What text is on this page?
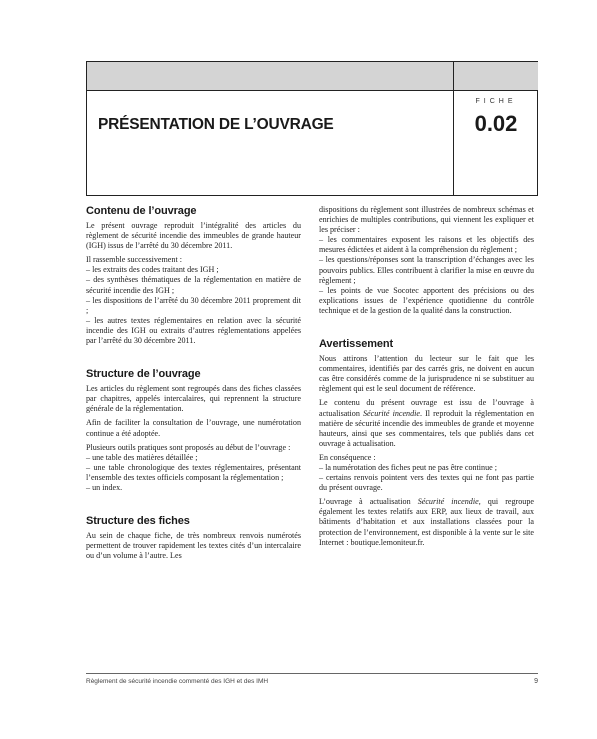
PRÉSENTATION DE L’OUVRAGE
FICHE
0.02
Contenu de l’ouvrage

Le présent ouvrage reproduit l’intégralité des articles du règlement de sécurité incendie des immeubles de grande hauteur (IGH) issus de l’arrêté du 30 décembre 2011.

Il rassemble successivement :
– les extraits des codes traitant des IGH ;
– des synthèses thématiques de la réglementation en matière de sécurité incendie des IGH ;
– les dispositions de l’arrêté du 30 décembre 2011 proprement dit ;
– les autres textes réglementaires en relation avec la sécurité incendie des IGH ou extraits d’autres réglementations appelées par l’arrêté du 30 décembre 2011.
Structure de l’ouvrage

Les articles du règlement sont regroupés dans des fiches classées par chapitres, appelés intercalaires, qui reprennent la structure générale de la réglementation.

Afin de faciliter la consultation de l’ouvrage, une numérotation continue a été adoptée.

Plusieurs outils pratiques sont proposés au début de l’ouvrage :
– une table des matières détaillée ;
– une table chronologique des textes réglementaires, présentant l’ensemble des textes officiels composant la réglementation ;
– un index.
Structure des fiches

Au sein de chaque fiche, de très nombreux renvois numérotés permettent de trouver rapidement les textes cités d’un intercalaire ou d’un volume à l’autre. Les

dispositions du règlement sont illustrées de nombreux schémas et enrichies de multiples contributions, qui viennent les expliquer et les préciser :
– les commentaires exposent les raisons et les objectifs des mesures édictées et aident à la compréhension du règlement ;
– les questions/réponses sont la transcription d’échanges avec les pouvoirs publics. Elles contribuent à clarifier la mise en œuvre du règlement ;
– les points de vue Socotec apportent des précisions ou des explications issues de l’expérience quotidienne du contrôle technique et de la gestion de la qualité dans la construction.
Avertissement

Nous attirons l’attention du lecteur sur le fait que les commentaires, identifiés par des carrés gris, ne doivent en aucun cas être considérés comme de la jurisprudence ni se substituer au règlement qui est le seul document de référence.

Le contenu du présent ouvrage est issu de l’ouvrage à actualisation Sécurité incendie. Il reproduit la réglementation en matière de sécurité incendie des immeubles de grande et moyenne hauteurs, ainsi que ses commentaires, tels que publiés dans cet ouvrage à actualisation.

En conséquence :
– la numérotation des fiches peut ne pas être continue ;
– certains renvois pointent vers des textes qui ne font pas partie du présent ouvrage.

L’ouvrage à actualisation Sécurité incendie, qui regroupe également les textes relatifs aux ERP, aux lieux de travail, aux bâtiments d’habitation et aux installations classées pour la protection de l’environnement, est disponible à la vente sur le site Internet : boutique.lemoniteur.fr.

Règlement de sécurité incendie commenté des IGH et des IMH	9
